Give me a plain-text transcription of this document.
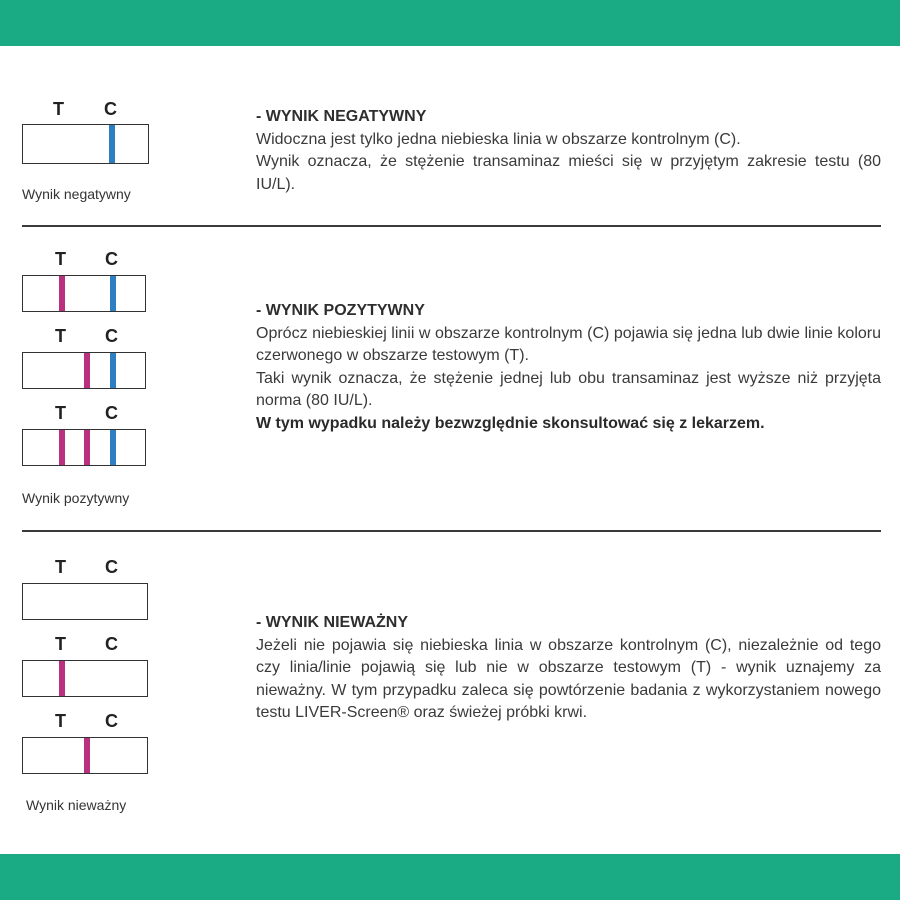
T C
Wynik negatywny
- WYNIK NEGATYWNY

Widoczna jest tylko jedna niebieska linia w obszarze kontrolnym (C).

Wynik oznacza, że stężenie transaminaz mieści się w przyjętym zakresie testu (80 IU/L).

T C
T C
T C
Wynik pozytywny
- WYNIK POZYTYWNY

Oprócz niebieskiej linii w obszarze kontrolnym (C) pojawia się jedna lub dwie linie koloru czerwonego w obszarze testowym (T).

Taki wynik oznacza, że stężenie jednej lub obu transaminaz jest wyższe niż przyjęta norma (80 IU/L).

W tym wypadku należy bezwzględnie skonsultować się z lekarzem.

T C
T C
T C
Wynik nieważny
- WYNIK NIEWAŻNY

Jeżeli nie pojawia się niebieska linia w obszarze kontrolnym (C), niezależnie od tego czy linia/linie pojawią się lub nie w obszarze testowym (T) - wynik uznajemy za nieważny. W tym przypadku zaleca się powtórzenie badania z wykorzystaniem nowego testu LIVER-Screen® oraz świeżej próbki krwi.
